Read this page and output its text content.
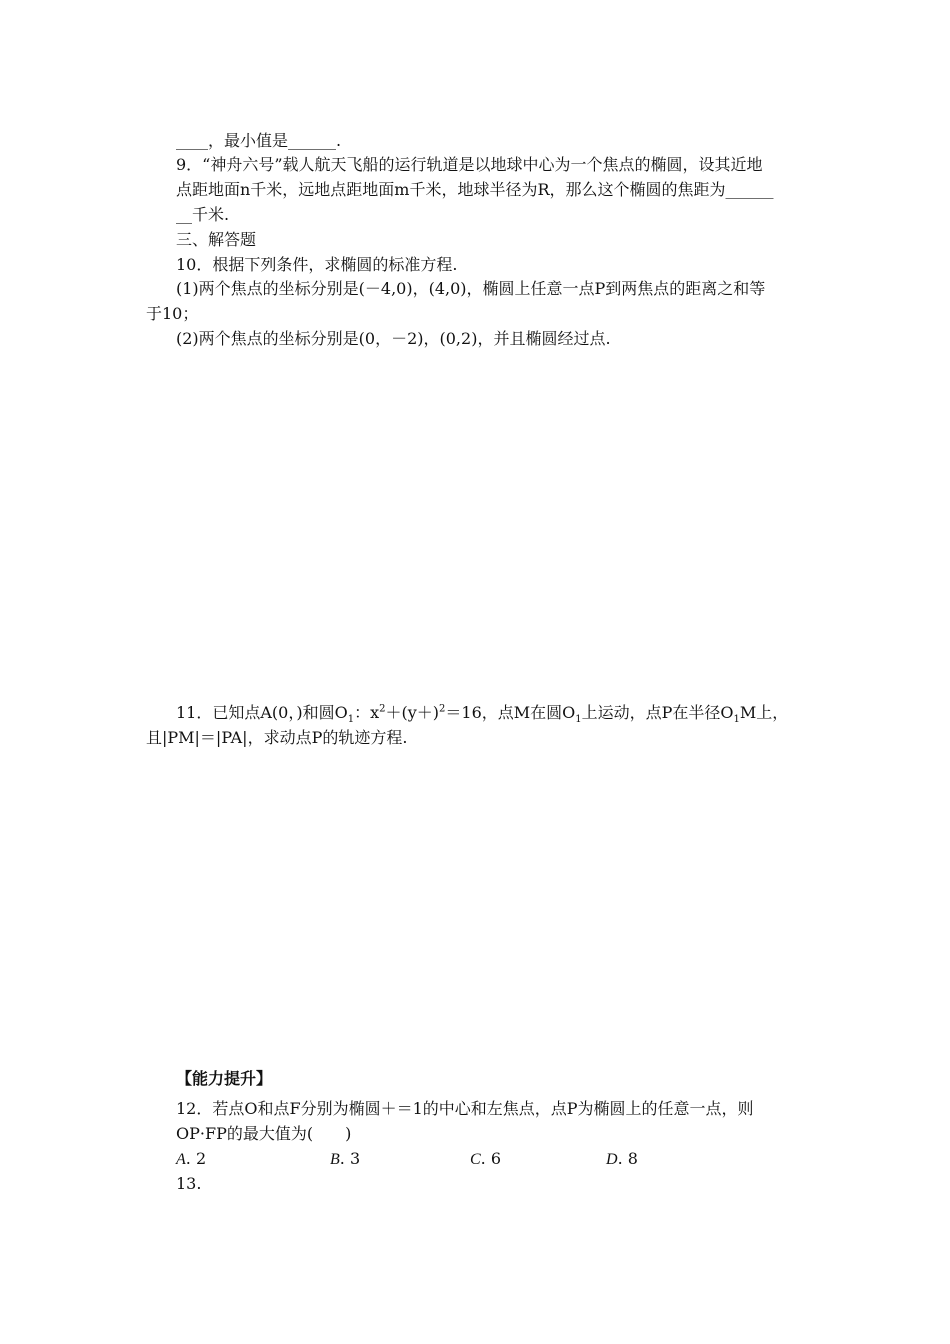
____，最小值是______.
9．“神舟六号”载人航天飞船的运行轨道是以地球中心为一个焦点的椭圆，设其近地
点距地面n千米，远地点距地面m千米，地球半径为R，那么这个椭圆的焦距为______
__千米.
三、解答题
10．根据下列条件，求椭圆的标准方程.
(1)两个焦点的坐标分别是(－4,0)，(4,0)，椭圆上任意一点P到两焦点的距离之和等
于10；
(2)两个焦点的坐标分别是(0，－2)，(0,2)，并且椭圆经过点.
11．已知点A(0，)和圆$O_1$：$x^2+(y+)^2=16$，点M在圆$O_1$上运动，点P在半径$O_1M$上，
且|PM|＝|PA|，求动点P的轨迹方程.
【能力提升】
12．若点O和点F分别为椭圆＋＝1的中心和左焦点，点P为椭圆上的任意一点，则
OP·FP的最大值为(　　)
A. 2	B. 3	C. 6	D. 8
13.
